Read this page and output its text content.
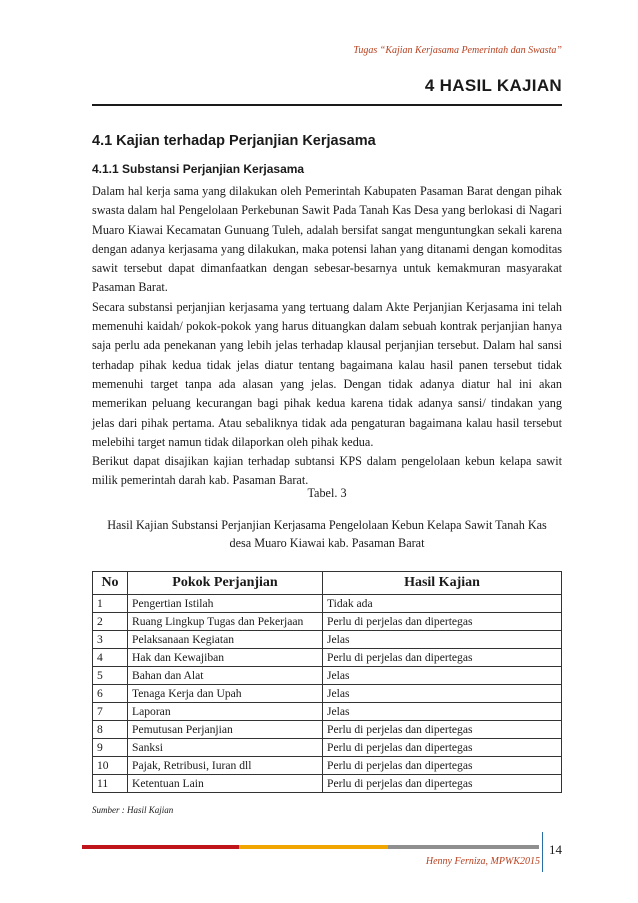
Tugas “Kajian Kerjasama Pemerintah dan Swasta”
4 HASIL KAJIAN
4.1 Kajian terhadap Perjanjian Kerjasama
4.1.1 Substansi Perjanjian Kerjasama

Dalam hal kerja sama yang dilakukan oleh Pemerintah Kabupaten Pasaman Barat dengan pihak swasta dalam hal Pengelolaan Perkebunan Sawit Pada Tanah Kas Desa yang berlokasi di Nagari Muaro Kiawai Kecamatan Gunuang Tuleh, adalah bersifat sangat menguntungkan sekali karena dengan adanya kerjasama yang dilakukan, maka potensi lahan yang ditanami dengan komoditas sawit tersebut dapat dimanfaatkan dengan sebesar-besarnya untuk kemakmuran masyarakat Pasaman Barat.

Secara substansi perjanjian kerjasama yang tertuang dalam Akte Perjanjian Kerjasama ini telah memenuhi kaidah/ pokok-pokok yang harus dituangkan dalam sebuah kontrak perjanjian hanya saja perlu ada penekanan yang lebih jelas terhadap klausal perjanjian tersebut. Dalam hal sansi terhadap pihak kedua tidak jelas diatur tentang bagaimana kalau hasil panen tersebut tidak memenuhi target tanpa ada alasan yang jelas. Dengan tidak adanya diatur hal ini akan memerikan peluang kecurangan bagi pihak kedua karena tidak adanya sansi/ tindakan yang jelas dari pihak pertama. Atau sebaliknya tidak ada pengaturan bagaimana kalau hasil tersebut melebihi target namun tidak dilaporkan oleh pihak kedua.

Berikut dapat disajikan kajian terhadap subtansi KPS dalam pengelolaan kebun kelapa sawit milik pemerintah darah kab. Pasaman Barat.

Tabel. 3
Hasil Kajian Substansi Perjanjian Kerjasama Pengelolaan Kebun Kelapa Sawit Tanah Kas
desa Muaro Kiawai kab. Pasaman Barat
No	Pokok Perjanjian	Hasil Kajian
1	Pengertian Istilah	Tidak ada
2	Ruang Lingkup Tugas dan Pekerjaan	Perlu di perjelas dan dipertegas
3	Pelaksanaan Kegiatan	Jelas
4	Hak dan Kewajiban	Perlu di perjelas dan dipertegas
5	Bahan dan Alat	Jelas
6	Tenaga Kerja dan Upah	Jelas
7	Laporan	Jelas
8	Pemutusan Perjanjian	Perlu di perjelas dan dipertegas
9	Sanksi	Perlu di perjelas dan dipertegas
10	Pajak, Retribusi, Iuran dll	Perlu di perjelas dan dipertegas
11	Ketentuan Lain	Perlu di perjelas dan dipertegas
Sumber : Hasil Kajian
14
Henny Ferniza, MPWK2015
